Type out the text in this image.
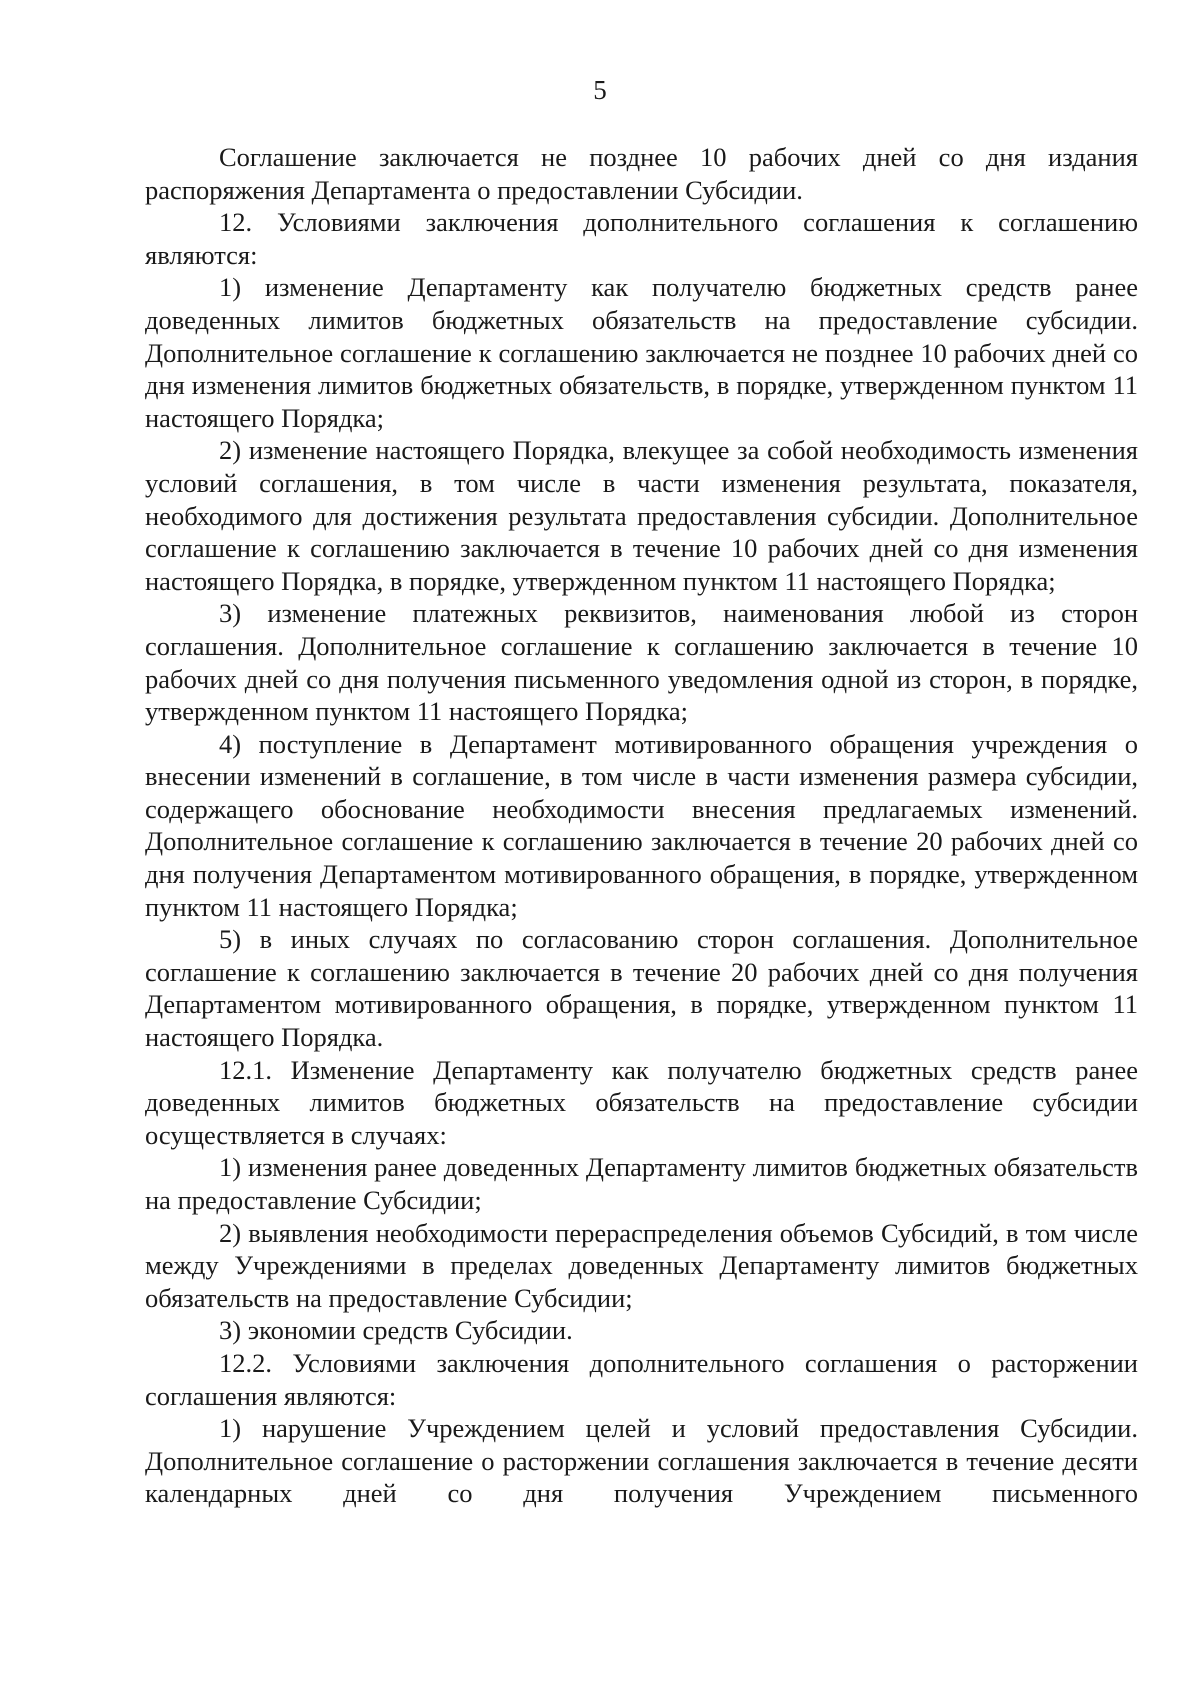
5

Соглашение заключается не позднее 10 рабочих дней со дня издания распоряжения Департамента о предоставлении Субсидии.

12. Условиями заключения дополнительного соглашения к соглашению являются:

1) изменение Департаменту как получателю бюджетных средств ранее доведенных лимитов бюджетных обязательств на предоставление субсидии. Дополнительное соглашение к соглашению заключается не позднее 10 рабочих дней со дня изменения лимитов бюджетных обязательств, в порядке, утвержденном пунктом 11 настоящего Порядка;

2) изменение настоящего Порядка, влекущее за собой необходимость изменения условий соглашения, в том числе в части изменения результата, показателя, необходимого для достижения результата предоставления субсидии. Дополнительное соглашение к соглашению заключается в течение 10 рабочих дней со дня изменения настоящего Порядка, в порядке, утвержденном пунктом 11 настоящего Порядка;

3) изменение платежных реквизитов, наименования любой из сторон соглашения. Дополнительное соглашение к соглашению заключается в течение 10 рабочих дней со дня получения письменного уведомления одной из сторон, в порядке, утвержденном пунктом 11 настоящего Порядка;

4) поступление в Департамент мотивированного обращения учреждения о внесении изменений в соглашение, в том числе в части изменения размера субсидии, содержащего обоснование необходимости внесения предлагаемых изменений. Дополнительное соглашение к соглашению заключается в течение 20 рабочих дней со дня получения Департаментом мотивированного обращения, в порядке, утвержденном пунктом 11 настоящего Порядка;

5) в иных случаях по согласованию сторон соглашения. Дополнительное соглашение к соглашению заключается в течение 20 рабочих дней со дня получения Департаментом мотивированного обращения, в порядке, утвержденном пунктом 11 настоящего Порядка.

12.1. Изменение Департаменту как получателю бюджетных средств ранее доведенных лимитов бюджетных обязательств на предоставление субсидии осуществляется в случаях:

1) изменения ранее доведенных Департаменту лимитов бюджетных обязательств на предоставление Субсидии;

2) выявления необходимости перераспределения объемов Субсидий, в том числе между Учреждениями в пределах доведенных Департаменту лимитов бюджетных обязательств на предоставление Субсидии;

3) экономии средств Субсидии.

12.2. Условиями заключения дополнительного соглашения о расторжении соглашения являются:

1) нарушение Учреждением целей и условий предоставления Субсидии. Дополнительное соглашение о расторжении соглашения заключается в течение десяти календарных дней со дня получения Учреждением письменного
